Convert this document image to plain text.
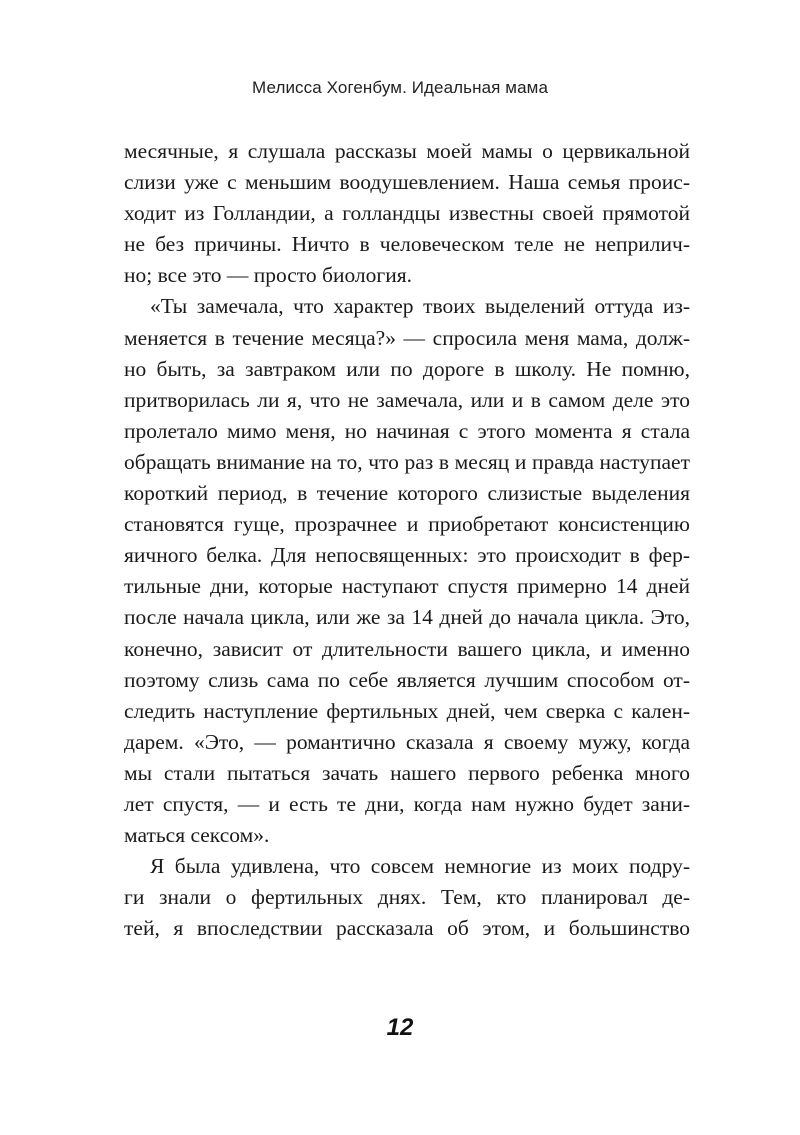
Мелисса Хогенбум. Идеальная мама
месячные, я слушала рассказы моей мамы о цервикальной
слизи уже с меньшим воодушевлением. Наша семья проис-
ходит из Голландии, а голландцы известны своей прямотой
не без причины. Ничто в человеческом теле не неприлич-
но; все это — просто биология.
«Ты замечала, что характер твоих выделений оттуда из-
меняется в течение месяца?» — спросила меня мама, долж-
но быть, за завтраком или по дороге в школу. Не помню,
притворилась ли я, что не замечала, или и в самом деле это
пролетало мимо меня, но начиная с этого момента я стала
обращать внимание на то, что раз в месяц и правда наступает
короткий период, в течение которого слизистые выделения
становятся гуще, прозрачнее и приобретают консистенцию
яичного белка. Для непосвященных: это происходит в фер-
тильные дни, которые наступают спустя примерно 14 дней
после начала цикла, или же за 14 дней до начала цикла. Это,
конечно, зависит от длительности вашего цикла, и именно
поэтому слизь сама по себе является лучшим способом от-
следить наступление фертильных дней, чем сверка с кален-
дарем. «Это, — романтично сказала я своему мужу, когда
мы стали пытаться зачать нашего первого ребенка много
лет спустя, — и есть те дни, когда нам нужно будет зани-
маться сексом».
Я была удивлена, что совсем немногие из моих подру-
ги знали о фертильных днях. Тем, кто планировал де-
тей, я впоследствии рассказала об этом, и большинство
12
